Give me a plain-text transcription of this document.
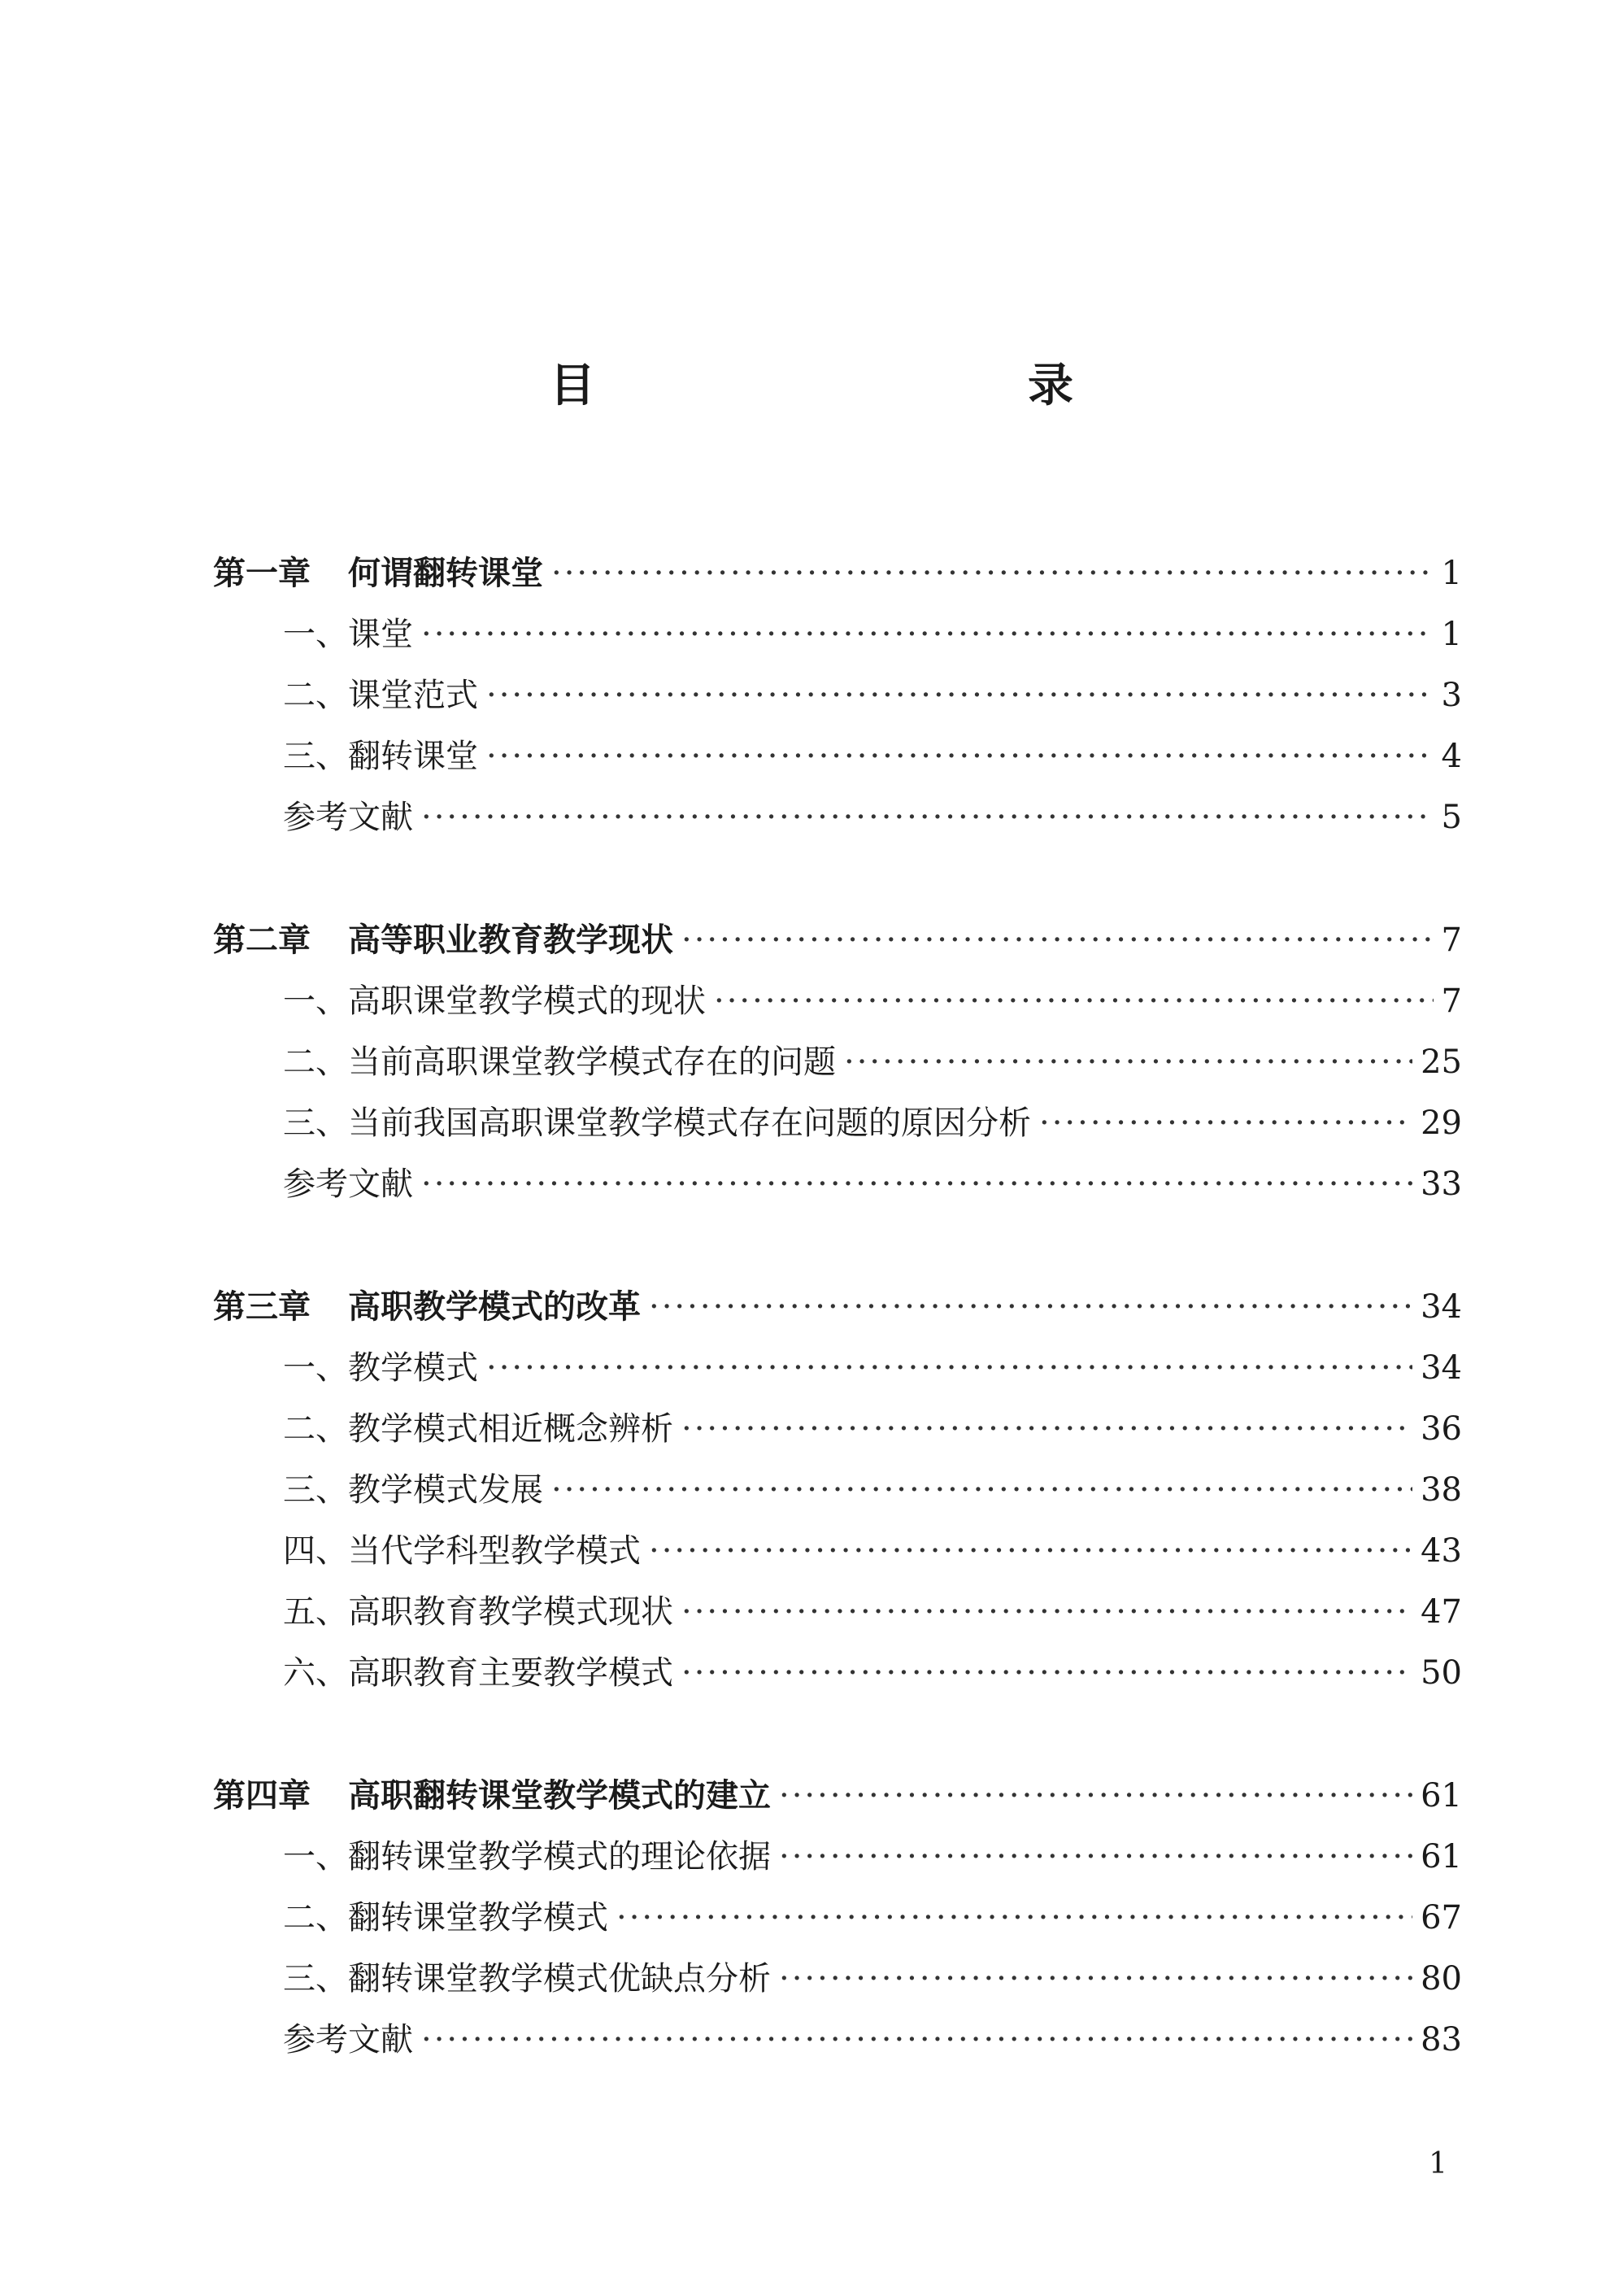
目　　录
第一章 何谓翻转课堂 ·····	1
一、课堂 ·····	1
二、课堂范式 ·····	3
三、翻转课堂 ·····	4
参考文献 ·····	5
第二章 高等职业教育教学现状 ·····	7
一、高职课堂教学模式的现状 ·····	7
二、当前高职课堂教学模式存在的问题 ·····	25
三、当前我国高职课堂教学模式存在问题的原因分析 ·····	29
参考文献 ·····	33
第三章 高职教学模式的改革 ·····	34
一、教学模式 ·····	34
二、教学模式相近概念辨析 ·····	36
三、教学模式发展 ·····	38
四、当代学科型教学模式 ·····	43
五、高职教育教学模式现状 ·····	47
六、高职教育主要教学模式 ·····	50
第四章 高职翻转课堂教学模式的建立 ·····	61
一、翻转课堂教学模式的理论依据 ·····	61
二、翻转课堂教学模式 ·····	67
三、翻转课堂教学模式优缺点分析 ·····	80
参考文献 ·····	83
1
